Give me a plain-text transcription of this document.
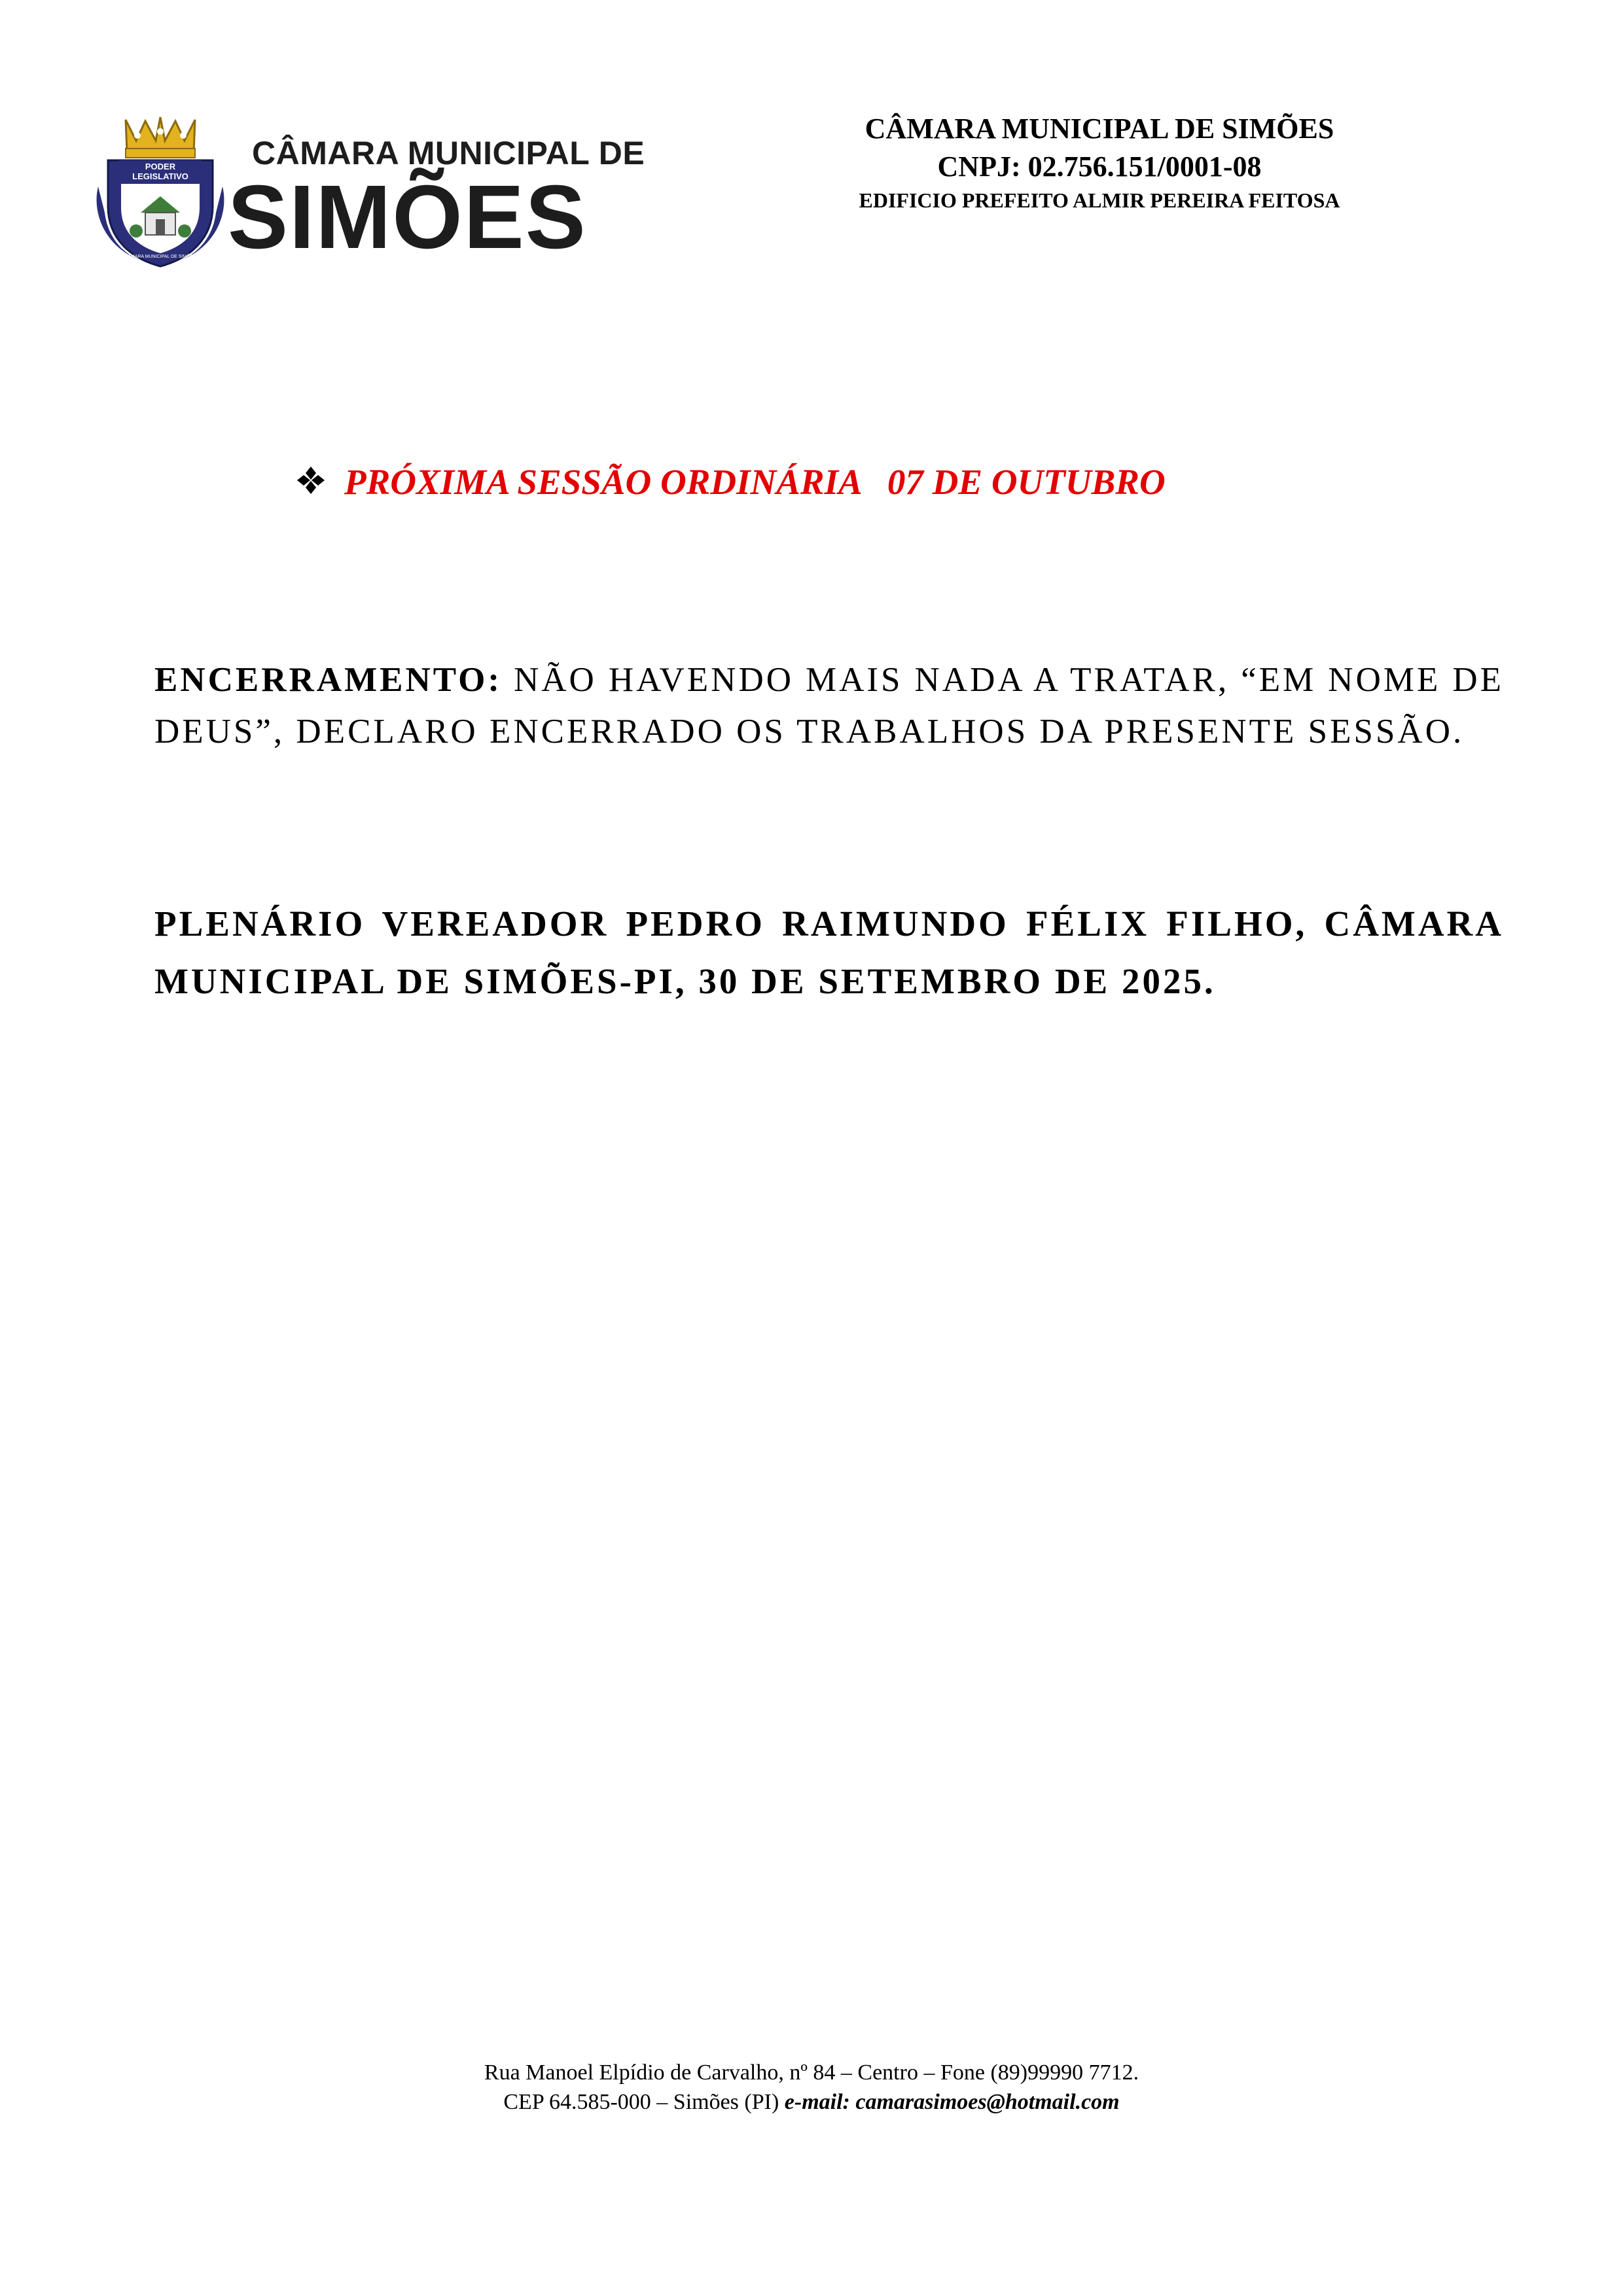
PODER
LEGISLATIVO
CÂMARA MUNICIPAL DE SIMÕES
CÂMARA MUNICIPAL DE
SIMÕES
CÂMARA MUNICIPAL DE SIMÕES
CNPJ: 02.756.151/0001-08
EDIFICIO PREFEITO ALMIR PEREIRA FEITOSA
PRÓXIMA SESSÃO ORDINÁRIA   07 DE OUTUBRO
ENCERRAMENTO: NÃO HAVENDO MAIS NADA A TRATAR, “EM NOME DE DEUS”, DECLARO ENCERRADO OS TRABALHOS DA PRESENTE SESSÃO.
PLENÁRIO VEREADOR PEDRO RAIMUNDO FÉLIX FILHO, CÂMARA MUNICIPAL DE SIMÕES-PI, 30 DE SETEMBRO DE 2025.
Rua Manoel Elpídio de Carvalho, nº 84 – Centro – Fone (89)99990 7712.
CEP 64.585-000 – Simões (PI) e-mail: camarasimoes@hotmail.com
